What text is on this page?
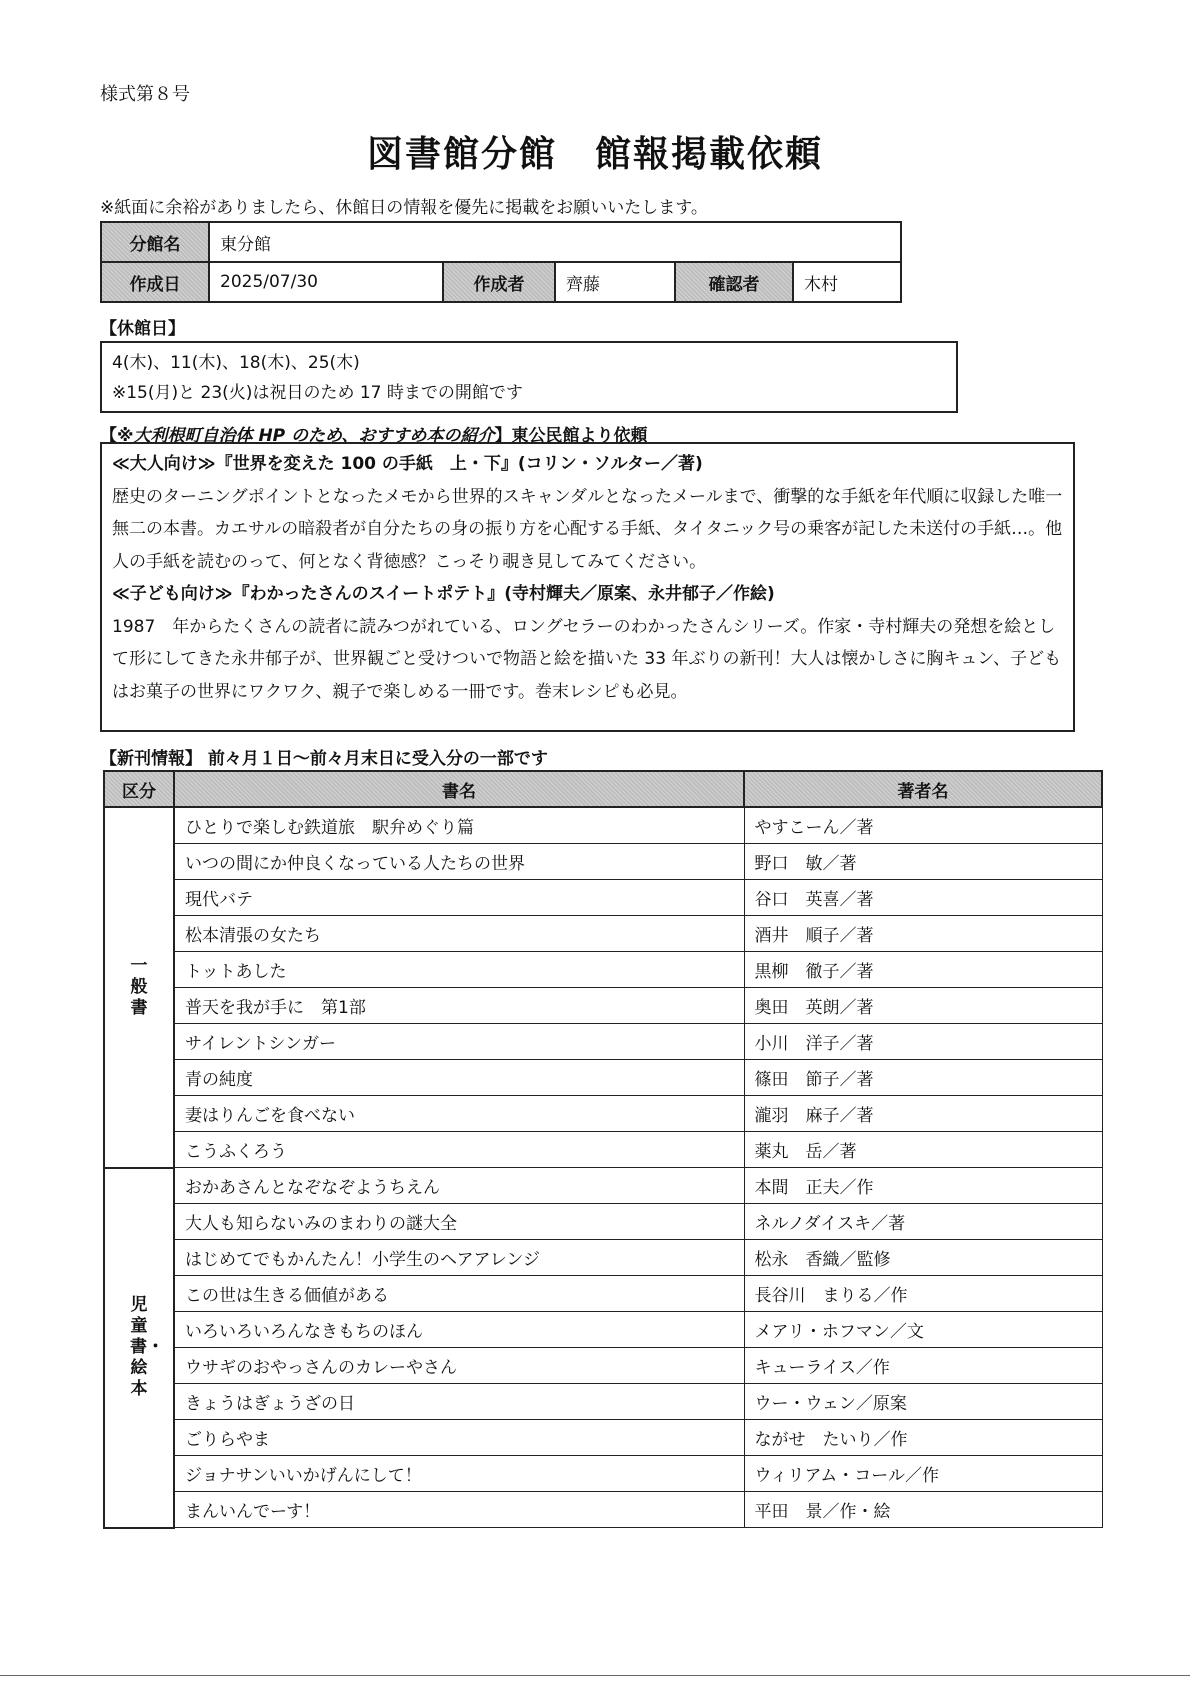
様式第８号
図書館分館　館報掲載依頼
※紙面に余裕がありましたら、休館日の情報を優先に掲載をお願いいたします。
分館名	東分館				
作成日	2025/07/30	作成者	齊藤	確認者	木村
【休館日】
4(木)、11(木)、18(木)、25(木)
※15(月)と 23(火)は祝日のため 17 時までの開館です
【※大利根町自治体 HP のため、おすすめ本の紹介】東公民館より依頼
≪大人向け≫『世界を変えた 100 の手紙　上・下』(コリン・ソルター／著)
歴史のターニングポイントとなったメモから世界的スキャンダルとなったメールまで、衝撃的な手紙を年代順に収録した唯一無二の本書。カエサルの暗殺者が自分たちの身の振り方を心配する手紙、タイタニック号の乗客が記した未送付の手紙…。他人の手紙を読むのって、何となく背徳感？こっそり覗き見してみてください。
≪子ども向け≫『わかったさんのスイートポテト』(寺村輝夫／原案、永井郁子／作絵)
1987　年からたくさんの読者に読みつがれている、ロングセラーのわかったさんシリーズ。作家・寺村輝夫の発想を絵として形にしてきた永井郁子が、世界観ごと受けついで物語と絵を描いた 33 年ぶりの新刊！大人は懐かしさに胸キュン、子どもはお菓子の世界にワクワク、親子で楽しめる一冊です。巻末レシピも必見。
【新刊情報】 前々月１日～前々月末日に受入分の一部です
区分	書名	著者名
一般書	ひとりで楽しむ鉄道旅　駅弁めぐり篇	やすこーん／著
	いつの間にか仲良くなっている人たちの世界	野口　敏／著
	現代バテ	谷口　英喜／著
	松本清張の女たち	酒井　順子／著
	トットあした	黒柳　徹子／著
	普天を我が手に　第1部	奥田　英朗／著
	サイレントシンガー	小川　洋子／著
	青の純度	篠田　節子／著
	妻はりんごを食べない	瀧羽　麻子／著
	こうふくろう	薬丸　岳／著
児童書・絵本	おかあさんとなぞなぞようちえん	本間　正夫／作
	大人も知らないみのまわりの謎大全	ネルノダイスキ／著
	はじめてでもかんたん！小学生のヘアアレンジ	松永　香織／監修
	この世は生きる価値がある	長谷川　まりる／作
	いろいろいろんなきもちのほん	メアリ・ホフマン／文
	ウサギのおやっさんのカレーやさん	キューライス／作
	きょうはぎょうざの日	ウー・ウェン／原案
	ごりらやま	ながせ　たいり／作
	ジョナサンいいかげんにして！	ウィリアム・コール／作
	まんいんでーす！	平田　景／作・絵
